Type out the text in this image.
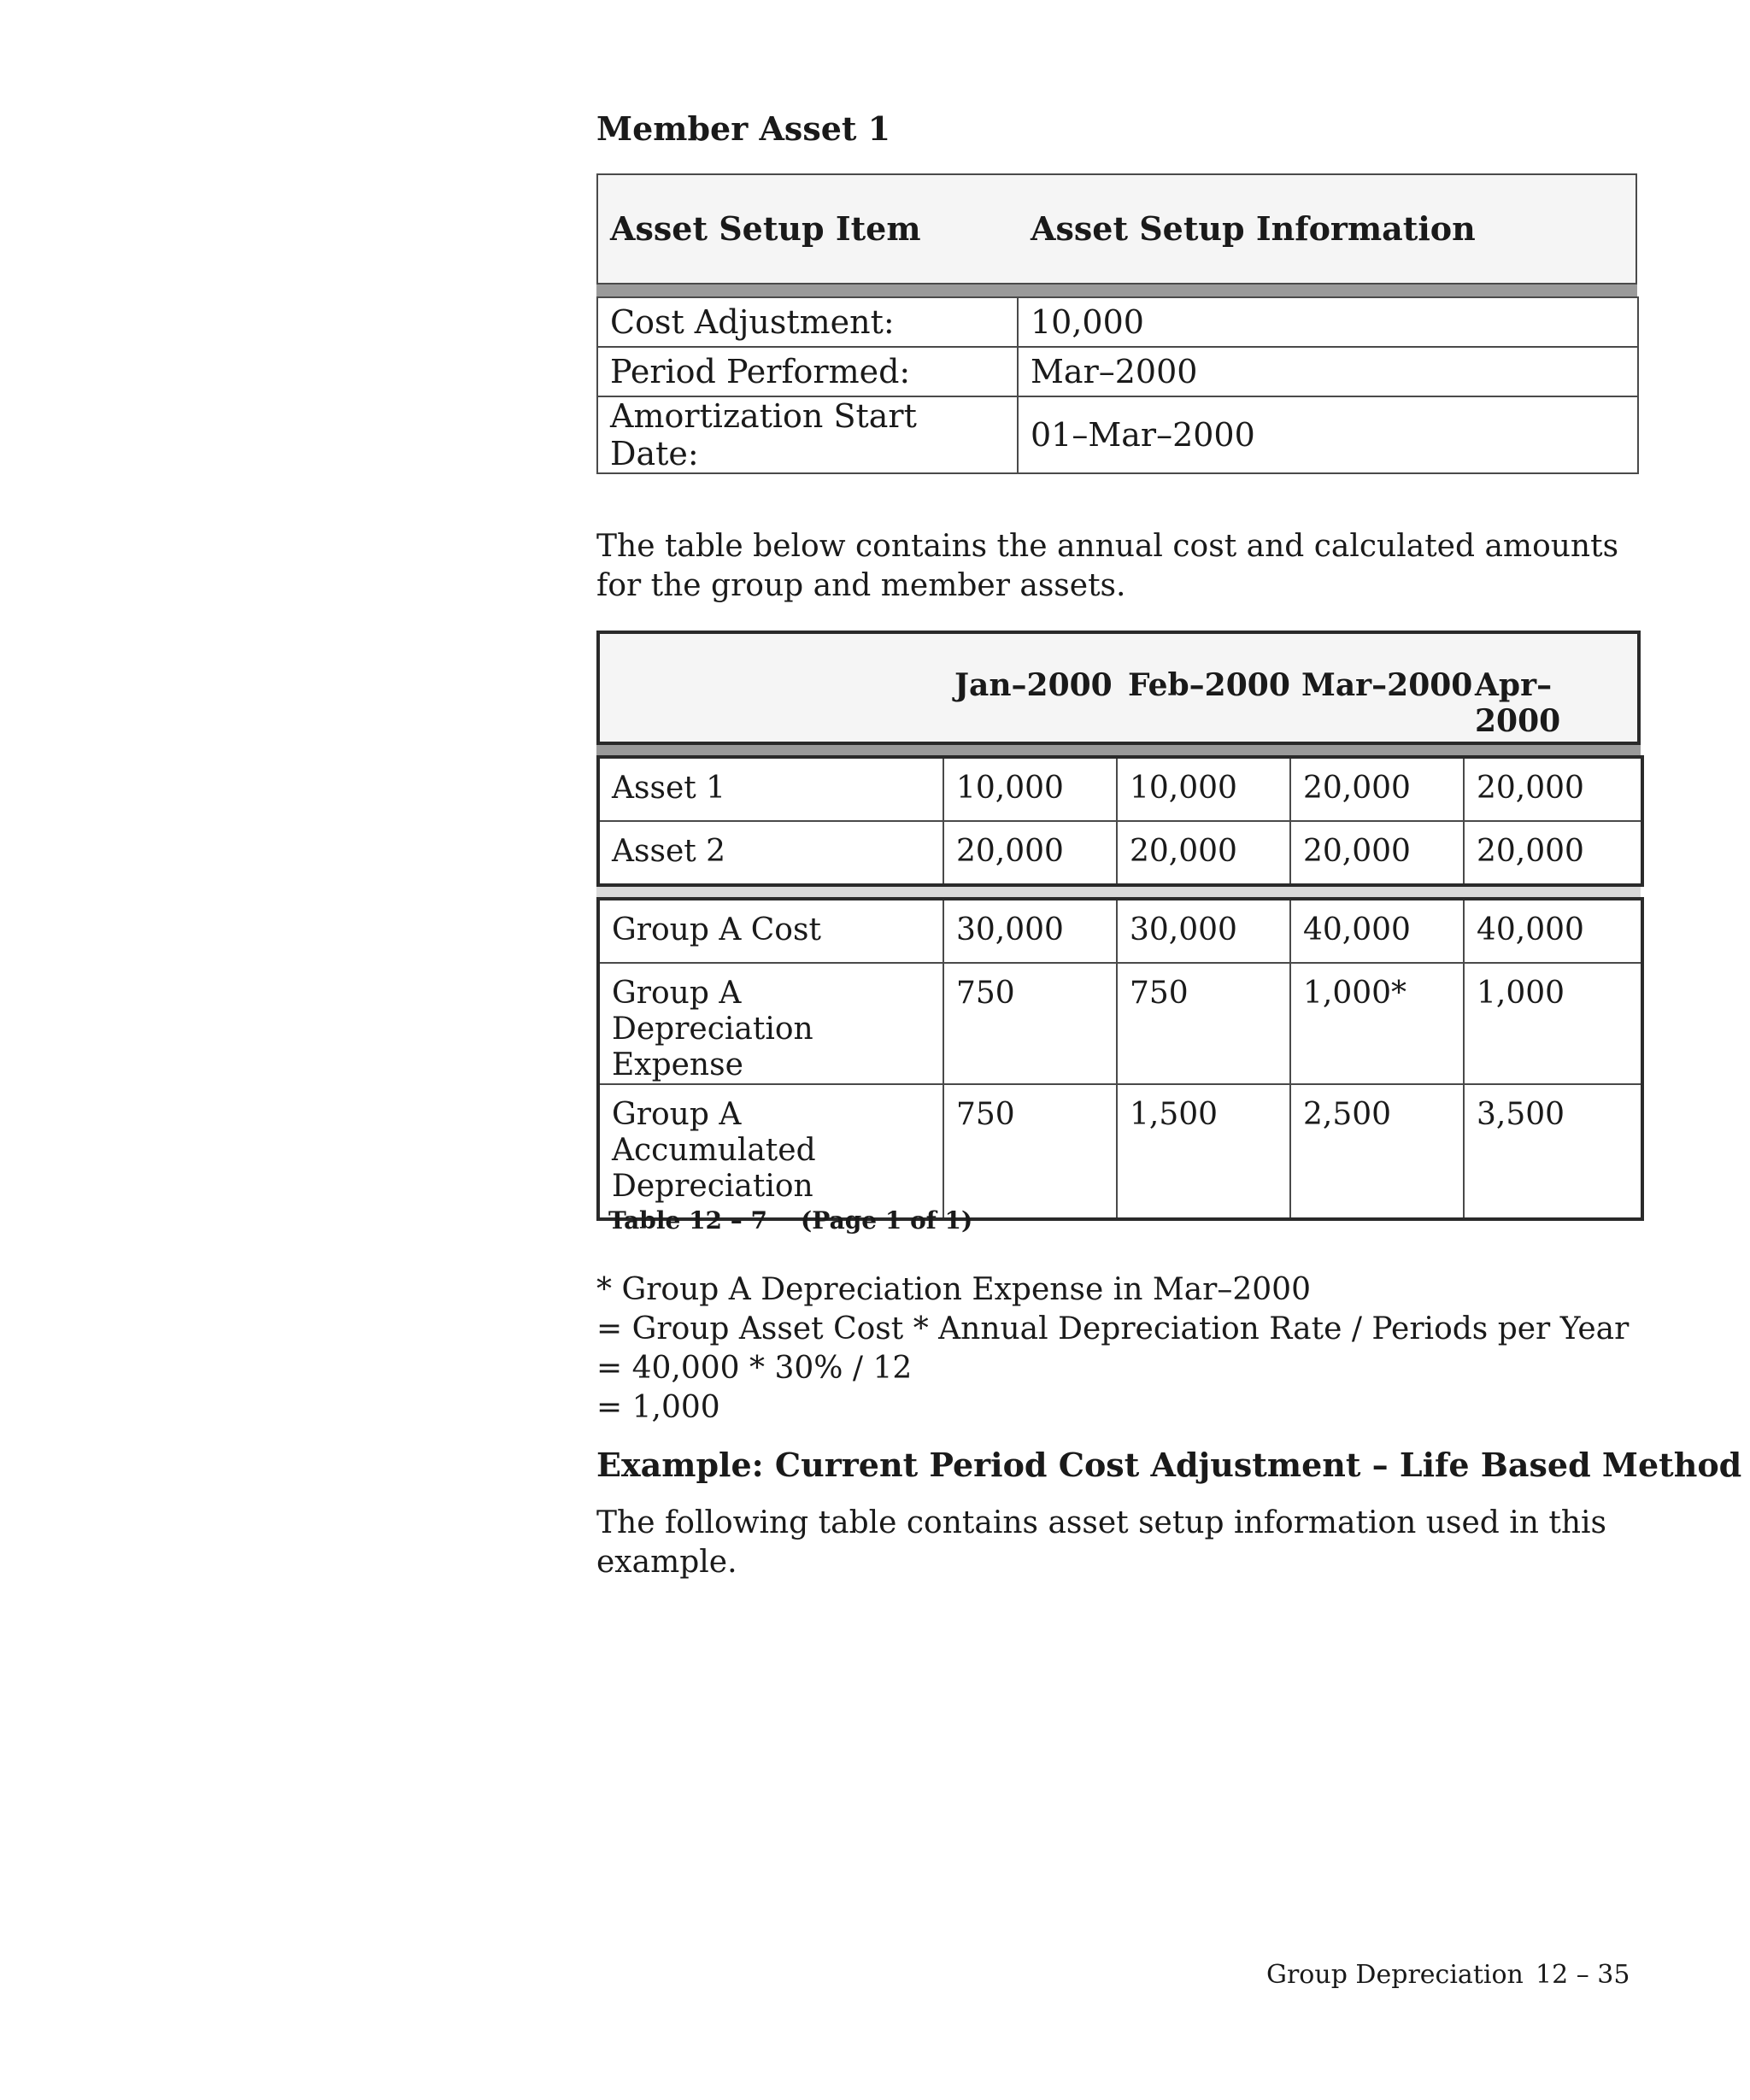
Member Asset 1
Asset Setup Item	Asset Setup Information
Cost Adjustment:	10,000
Period Performed:	Mar–2000
Amortization Start Date:	01–Mar–2000
The table below contains the annual cost and calculated amounts for the group and member assets.
Jan–2000 Feb–2000 Mar–2000 Apr–2000
Asset 1	10,000	10,000	20,000	20,000
Asset 2	20,000	20,000	20,000	20,000
Group A Cost	30,000	30,000	40,000	40,000
Group A Depreciation Expense	750	750	1,000*	1,000
Group A Accumulated Depreciation	750	1,500	2,500	3,500
Table 12 – 7    (Page 1 of 1)
* Group A Depreciation Expense in Mar–2000
= Group Asset Cost * Annual Depreciation Rate / Periods per Year
= 40,000 * 30% / 12
= 1,000
Example: Current Period Cost Adjustment – Life Based Method
The following table contains asset setup information used in this example.
Group Depreciation 12 – 35
